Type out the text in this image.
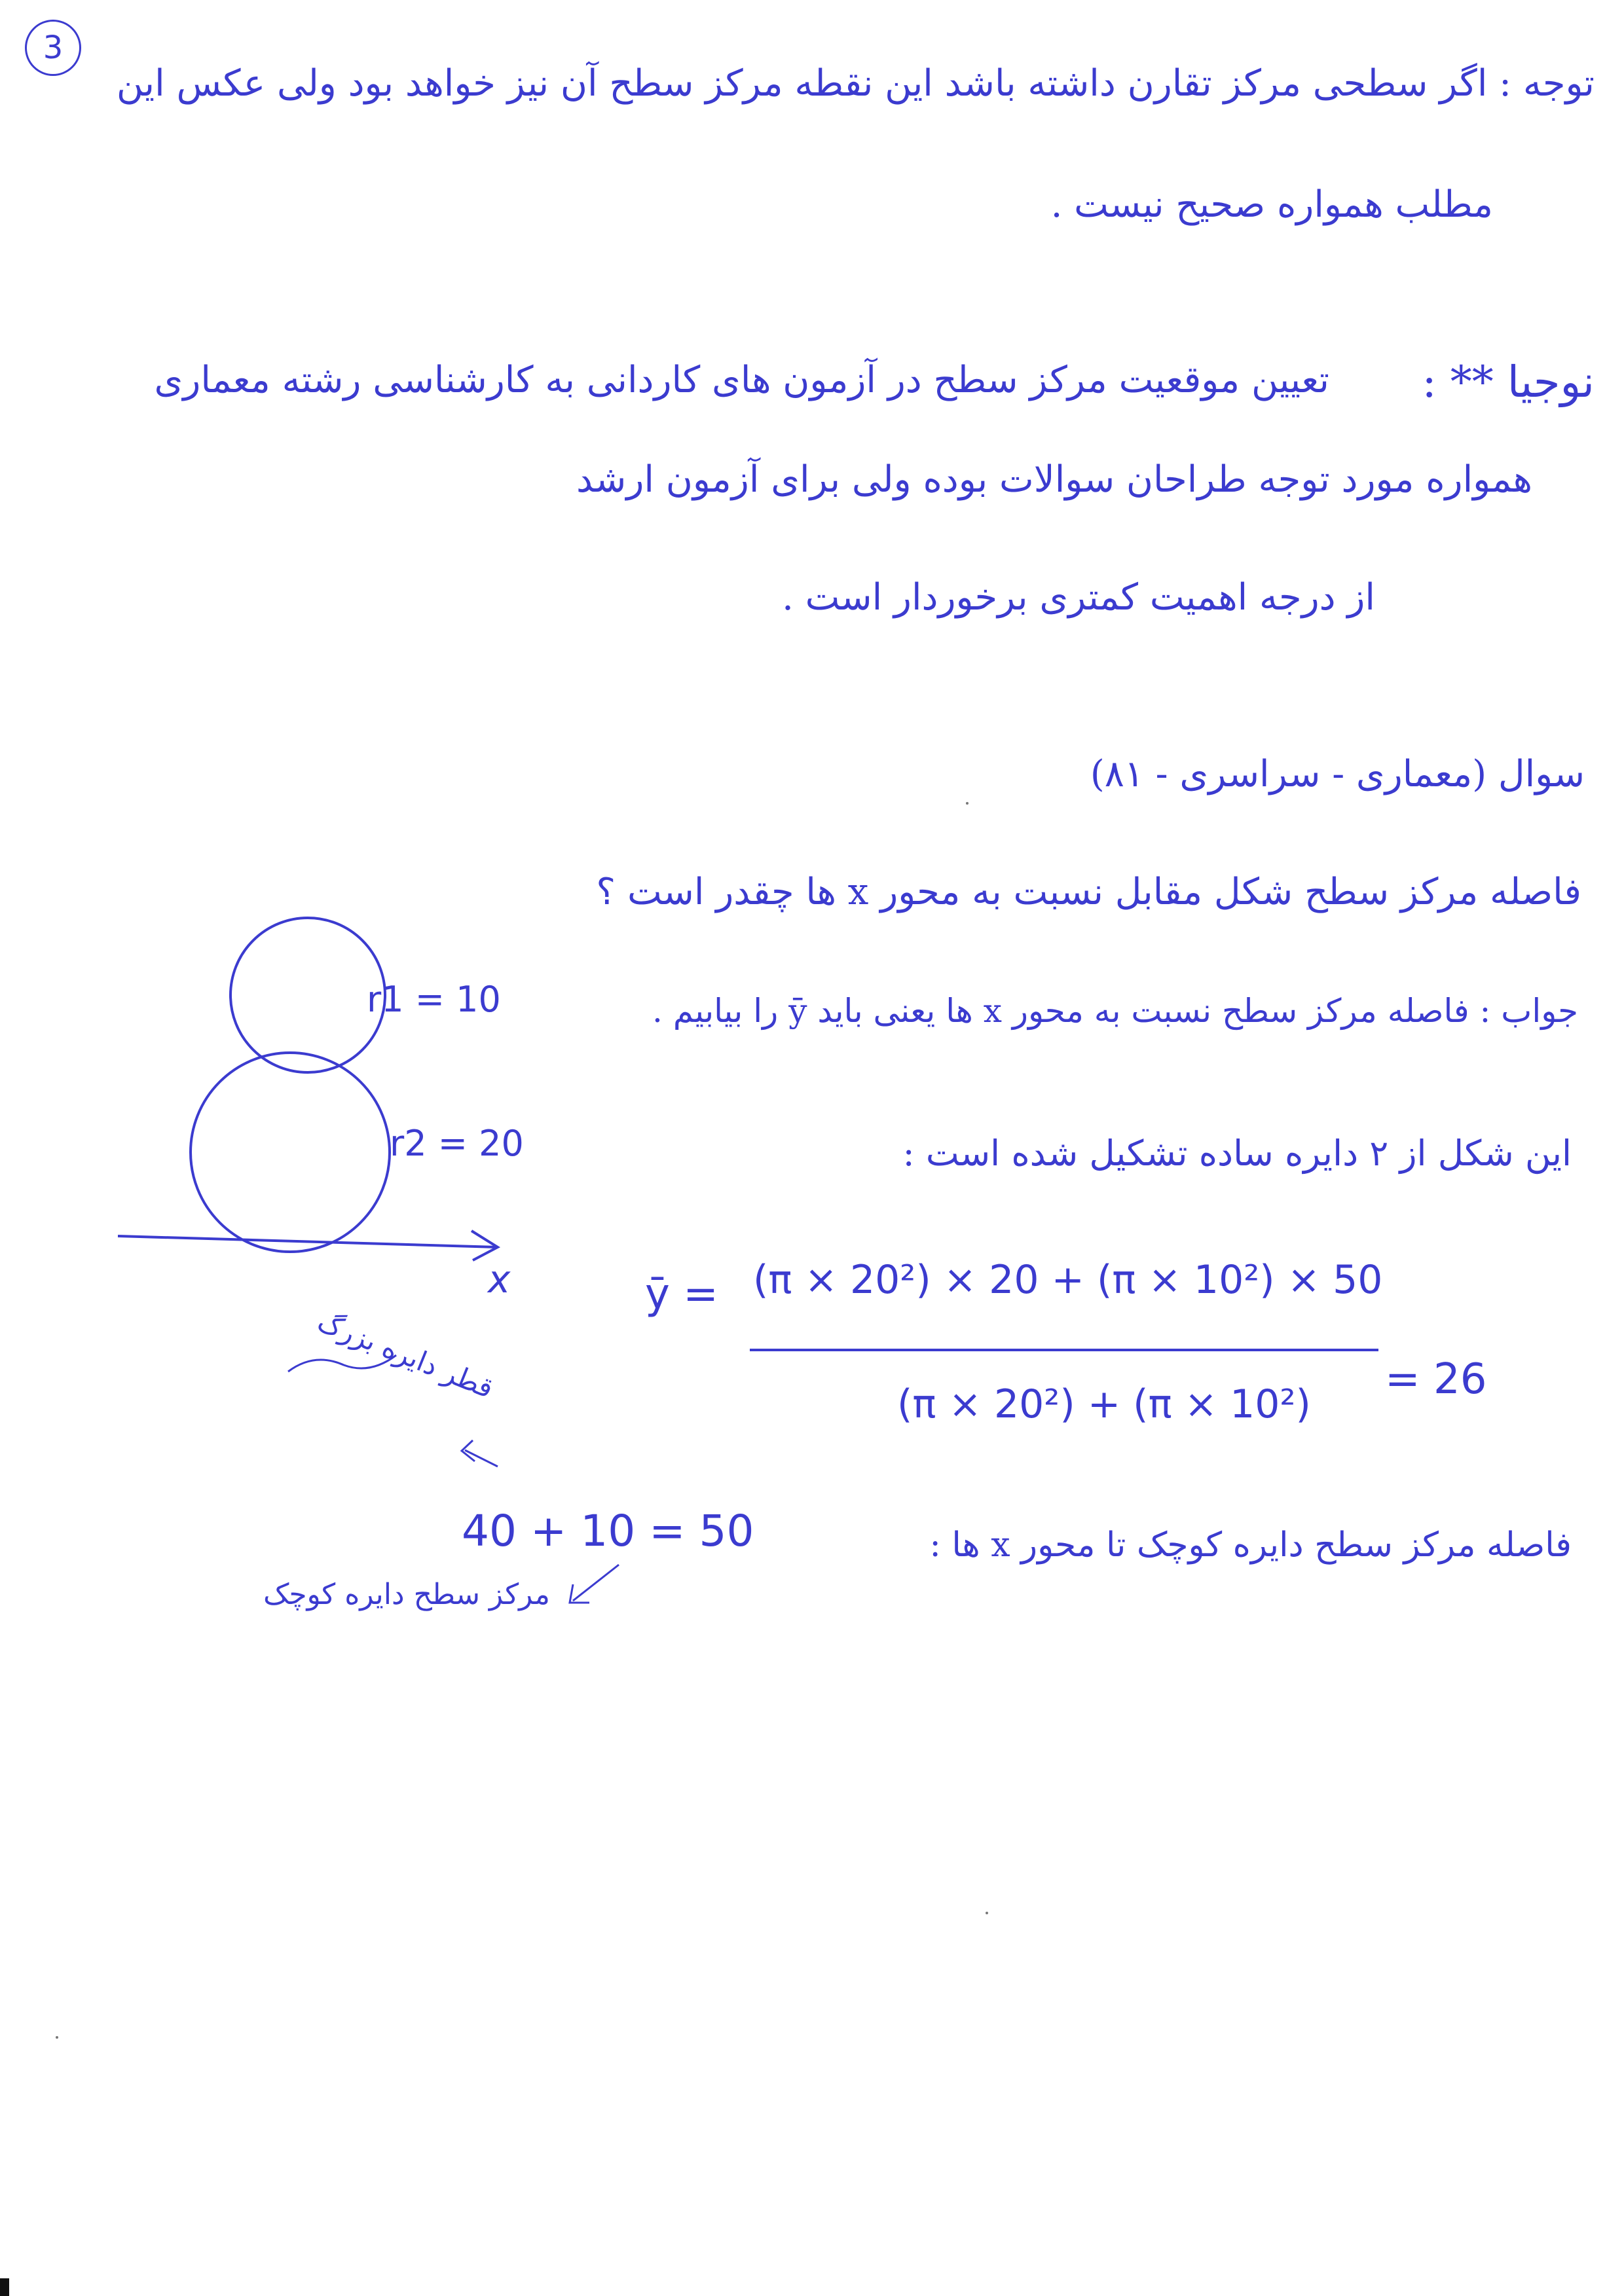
3
توجه : اگر سطحی مرکز تقارن داشته باشد این نقطه مرکز سطح آن نیز خواهد بود ولی عکس این
مطلب همواره صحیح نیست .
نوجیا ** :
تعیین موقعیت مرکز سطح در آزمون های کاردانی به کارشناسی رشته معماری
همواره مورد توجه طراحان سوالات بوده ولی برای آزمون ارشد
از درجه اهمیت کمتری برخوردار است .
سوال (معماری - سراسری - ۸۱)
فاصله مرکز سطح شکل مقابل نسبت به محور x ها چقدر است ؟
جواب : فاصله مرکز سطح نسبت به محور x ها یعنی باید ȳ را بیابیم .
این شکل از ۲ دایره ساده تشکیل شده است :
r1 = 10
r2 = 20
x	ȳ = (π × 20²) × 20 + (π × 10²) × 50
(π × 20²) + (π × 10²)
= 26
قطر دایره بزرگ
40 + 10 = 50
مرکز سطح دایره کوچک
فاصله مرکز سطح دایره کوچک تا محور x ها :
